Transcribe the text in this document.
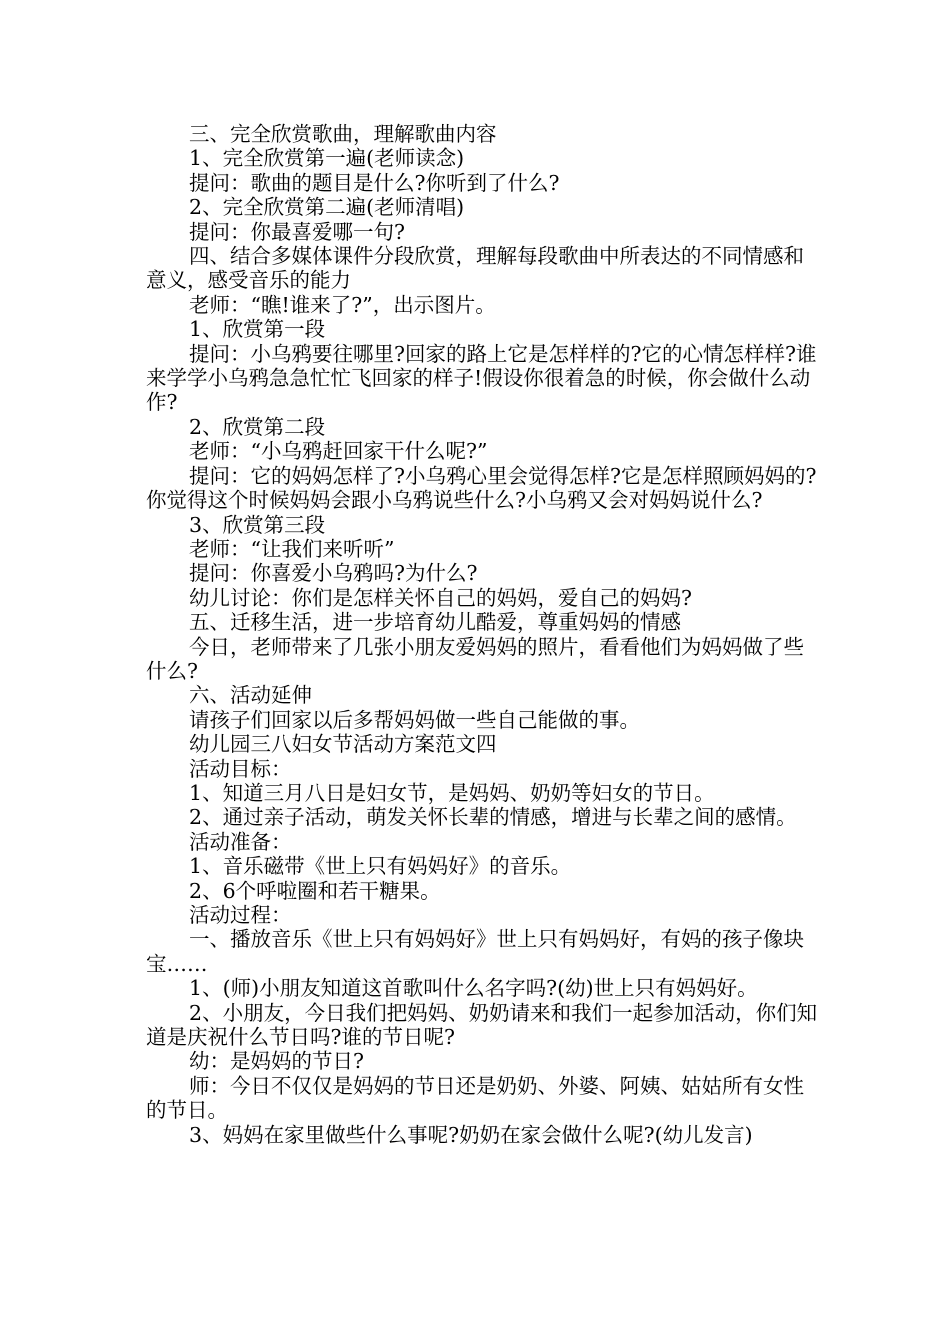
三、完全欣赏歌曲，理解歌曲内容

1、完全欣赏第一遍(老师读念)

提问：歌曲的题目是什么?你听到了什么?

2、完全欣赏第二遍(老师清唱)

提问：你最喜爱哪一句?

四、结合多媒体课件分段欣赏，理解每段歌曲中所表达的不同情感和意义，感受音乐的能力

老师：“瞧!谁来了?”，出示图片。

1、欣赏第一段

提问：小乌鸦要往哪里?回家的路上它是怎样样的?它的心情怎样样?谁来学学小乌鸦急急忙忙飞回家的样子!假设你很着急的时候，你会做什么动作?

2、欣赏第二段

老师：“小乌鸦赶回家干什么呢?”

提问：它的妈妈怎样了?小乌鸦心里会觉得怎样?它是怎样照顾妈妈的?你觉得这个时候妈妈会跟小乌鸦说些什么?小乌鸦又会对妈妈说什么?

3、欣赏第三段

老师：“让我们来听听”

提问：你喜爱小乌鸦吗?为什么?

幼儿讨论：你们是怎样关怀自己的妈妈，爱自己的妈妈?

五、迁移生活，进一步培育幼儿酷爱，尊重妈妈的情感

今日，老师带来了几张小朋友爱妈妈的照片，看看他们为妈妈做了些什么?

六、活动延伸

请孩子们回家以后多帮妈妈做一些自己能做的事。

幼儿园三八妇女节活动方案范文四

活动目标：

1、知道三月八日是妇女节，是妈妈、奶奶等妇女的节日。

2、通过亲子活动，萌发关怀长辈的情感，增进与长辈之间的感情。

活动准备：

1、音乐磁带《世上只有妈妈好》的音乐。

2、6个呼啦圈和若干糖果。

活动过程：

一、播放音乐《世上只有妈妈好》世上只有妈妈好，有妈的孩子像块宝……

1、(师)小朋友知道这首歌叫什么名字吗?(幼)世上只有妈妈好。

2、小朋友，今日我们把妈妈、奶奶请来和我们一起参加活动，你们知道是庆祝什么节日吗?谁的节日呢?

幼：是妈妈的节日?

师：今日不仅仅是妈妈的节日还是奶奶、外婆、阿姨、姑姑所有女性的节日。

3、妈妈在家里做些什么事呢?奶奶在家会做什么呢?(幼儿发言)
